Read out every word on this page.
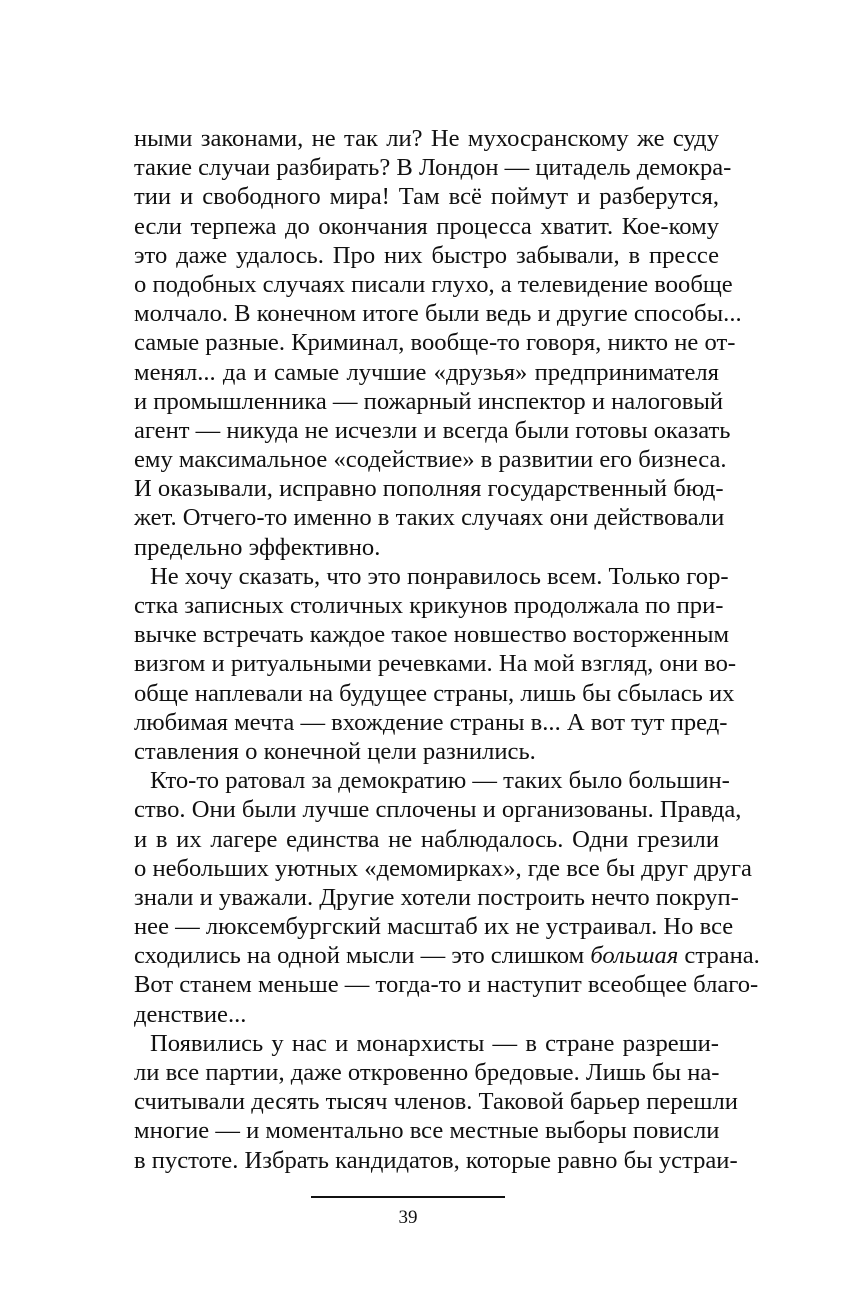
ными законами, не так ли? Не мухосранскому же суду
такие случаи разбирать? В Лондон — цитадель демокра-
тии и свободного мира! Там всё поймут и разберутся,
если терпежа до окончания процесса хватит. Кое-кому
это даже удалось. Про них быстро забывали, в прессе
о подобных случаях писали глухо, а телевидение вообще
молчало. В конечном итоге были ведь и другие способы...
самые разные. Криминал, вообще-то говоря, никто не от-
менял... да и самые лучшие «друзья» предпринимателя
и промышленника — пожарный инспектор и налоговый
агент — никуда не исчезли и всегда были готовы оказать
ему максимальное «содействие» в развитии его бизнеса.
И оказывали, исправно пополняя государственный бюд-
жет. Отчего-то именно в таких случаях они действовали
предельно эффективно.
Не хочу сказать, что это понравилось всем. Только гор-
стка записных столичных крикунов продолжала по при-
вычке встречать каждое такое новшество восторженным
визгом и ритуальными речевками. На мой взгляд, они во-
обще наплевали на будущее страны, лишь бы сбылась их
любимая мечта — вхождение страны в... А вот тут пред-
ставления о конечной цели разнились.
Кто-то ратовал за демократию — таких было большин-
ство. Они были лучше сплочены и организованы. Правда,
и в их лагере единства не наблюдалось. Одни грезили
о небольших уютных «демомирках», где все бы друг друга
знали и уважали. Другие хотели построить нечто покруп-
нее — люксембургский масштаб их не устраивал. Но все
сходились на одной мысли — это слишком большая страна.
Вот станем меньше — тогда-то и наступит всеобщее благо-
денствие...
Появились у нас и монархисты — в стране разреши-
ли все партии, даже откровенно бредовые. Лишь бы на-
считывали десять тысяч членов. Таковой барьер перешли
многие — и моментально все местные выборы повисли
в пустоте. Избрать кандидатов, которые равно бы устраи-
39
